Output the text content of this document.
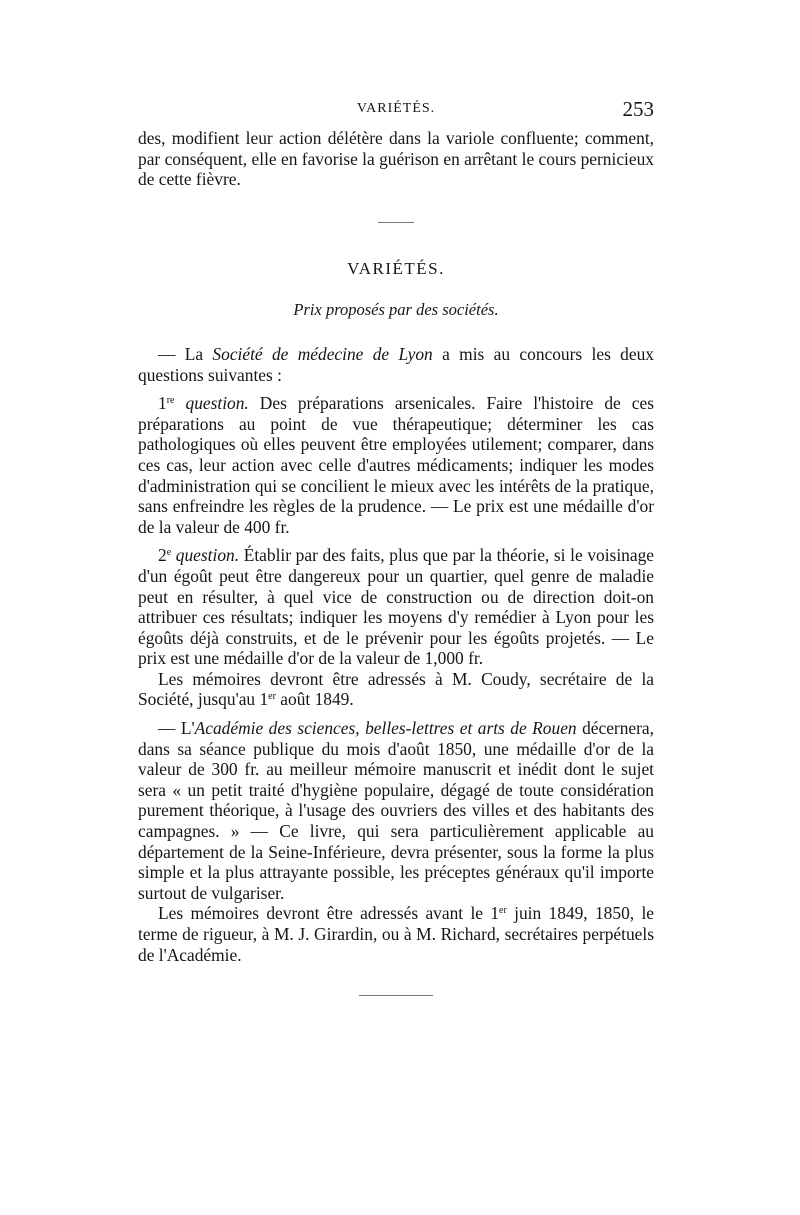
VARIÉTÉS.	253

des, modifient leur action délétère dans la variole confluente; comment, par conséquent, elle en favorise la guérison en arrêtant le cours pernicieux de cette fièvre.

VARIÉTÉS.
Prix proposés par des sociétés.

— La Société de médecine de Lyon a mis au concours les deux questions suivantes :

1re question. Des préparations arsenicales. Faire l'histoire de ces préparations au point de vue thérapeutique; déterminer les cas pathologiques où elles peuvent être employées utilement; comparer, dans ces cas, leur action avec celle d'autres médicaments; indiquer les modes d'administration qui se concilient le mieux avec les intérêts de la pratique, sans enfreindre les règles de la prudence. — Le prix est une médaille d'or de la valeur de 400 fr.

2e question. Établir par des faits, plus que par la théorie, si le voisinage d'un égoût peut être dangereux pour un quartier, quel genre de maladie peut en résulter, à quel vice de construction ou de direction doit-on attribuer ces résultats; indiquer les moyens d'y remédier à Lyon pour les égoûts déjà construits, et de le prévenir pour les égoûts projetés. — Le prix est une médaille d'or de la valeur de 1,000 fr.

Les mémoires devront être adressés à M. Coudy, secrétaire de la Société, jusqu'au 1er août 1849.

— L'Académie des sciences, belles-lettres et arts de Rouen décernera, dans sa séance publique du mois d'août 1850, une médaille d'or de la valeur de 300 fr. au meilleur mémoire manuscrit et inédit dont le sujet sera « un petit traité d'hygiène populaire, dégagé de toute considération purement théorique, à l'usage des ouvriers des villes et des habitants des campagnes. » — Ce livre, qui sera particulièrement applicable au département de la Seine-Inférieure, devra présenter, sous la forme la plus simple et la plus attrayante possible, les préceptes généraux qu'il importe surtout de vulgariser.

Les mémoires devront être adressés avant le 1er juin 1849, 1850, le terme de rigueur, à M. J. Girardin, ou à M. Richard, secrétaires perpétuels de l'Académie.
